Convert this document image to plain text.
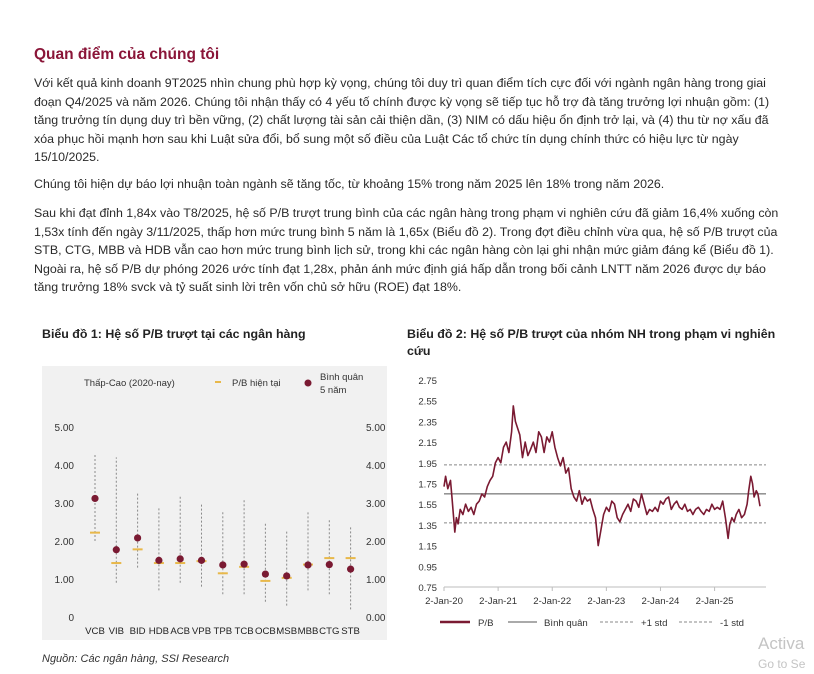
Quan điểm của chúng tôi

Với kết quả kinh doanh 9T2025 nhìn chung phù hợp kỳ vọng, chúng tôi duy trì quan điểm tích cực đối với ngành ngân hàng trong giai đoạn Q4/2025 và năm 2026. Chúng tôi nhận thấy có 4 yếu tố chính được kỳ vọng sẽ tiếp tục hỗ trợ đà tăng trưởng lợi nhuận gồm: (1) tăng trưởng tín dụng duy trì bền vững, (2) chất lượng tài sản cải thiện dần, (3) NIM có dấu hiệu ổn định trở lại, và (4) thu từ nợ xấu đã xóa phục hồi mạnh hơn sau khi Luật sửa đổi, bổ sung một số điều của Luật Các tổ chức tín dụng chính thức có hiệu lực từ ngày 15/10/2025.

Chúng tôi hiện dự báo lợi nhuận toàn ngành sẽ tăng tốc, từ khoảng 15% trong năm 2025 lên 18% trong năm 2026.

Sau khi đạt đỉnh 1,84x vào T8/2025, hệ số P/B trượt trung bình của các ngân hàng trong phạm vi nghiên cứu đã giảm 16,4% xuống còn 1,53x tính đến ngày 3/11/2025, thấp hơn mức trung bình 5 năm là 1,65x (Biểu đồ 2). Trong đợt điều chỉnh vừa qua, hệ số P/B trượt của STB, CTG, MBB và HDB vẫn cao hơn mức trung bình lịch sử, trong khi các ngân hàng còn lại ghi nhận mức giảm đáng kể (Biểu đồ 1). Ngoài ra, hệ số P/B dự phóng 2026 ước tính đạt 1,28x, phản ánh mức định giá hấp dẫn trong bối cảnh LNTT năm 2026 được dự báo tăng trưởng 18% svck và tỷ suất sinh lời trên vốn chủ sở hữu (ROE) đạt 18%.

Biểu đồ 1: Hệ số P/B trượt tại các ngân hàng	Biểu đồ 2: Hệ số P/B trượt của nhóm NH trong phạm vi nghiên cứu
5.00
4.00
3.00
2.00
1.00
0
5.00
4.00
3.00
2.00
1.00
0.00
Thấp-Cao (2020-nay)	P/B hiện tại
Bình quân
5 năm
VCB VIB BID HDB ACB VPB TPB TCB OCB MSB MBB CTG STB
2.75
2.55
2.35
2.15
1.95
1.75
1.55
1.35
1.15
0.95
0.75
2-Jan-20 2-Jan-21 2-Jan-22 2-Jan-23 2-Jan-24 2-Jan-25
P/B	Bình quân	+1 std	-1 std
Nguồn: Các ngân hàng, SSI Research
Activa
Go to Se
